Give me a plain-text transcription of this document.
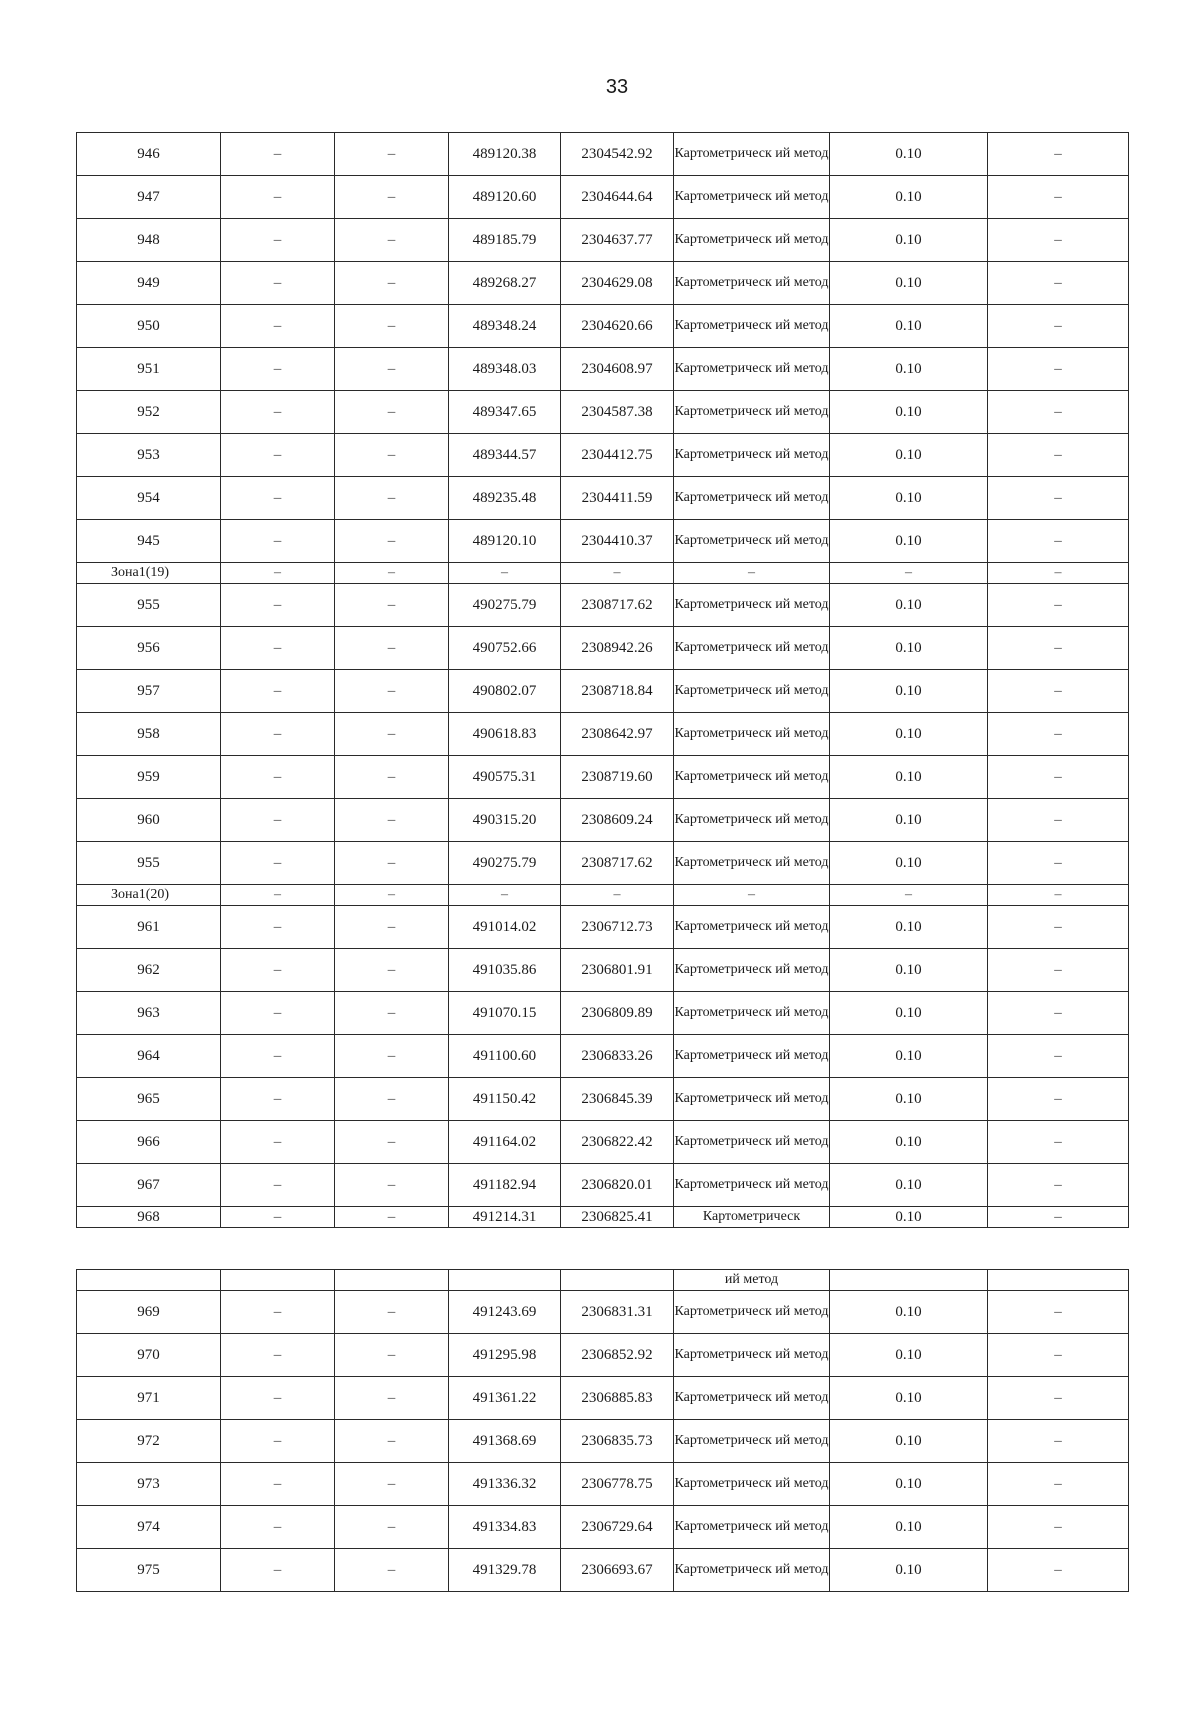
33
946	–	–	489120.38	2304542.92	Картометрическ ий метод	0.10	–
947	–	–	489120.60	2304644.64	Картометрическ ий метод	0.10	–
948	–	–	489185.79	2304637.77	Картометрическ ий метод	0.10	–
949	–	–	489268.27	2304629.08	Картометрическ ий метод	0.10	–
950	–	–	489348.24	2304620.66	Картометрическ ий метод	0.10	–
951	–	–	489348.03	2304608.97	Картометрическ ий метод	0.10	–
952	–	–	489347.65	2304587.38	Картометрическ ий метод	0.10	–
953	–	–	489344.57	2304412.75	Картометрическ ий метод	0.10	–
954	–	–	489235.48	2304411.59	Картометрическ ий метод	0.10	–
945	–	–	489120.10	2304410.37	Картометрическ ий метод	0.10	–
Зона1(19)	–	–	–	–	–	–	–
955	–	–	490275.79	2308717.62	Картометрическ ий метод	0.10	–
956	–	–	490752.66	2308942.26	Картометрическ ий метод	0.10	–
957	–	–	490802.07	2308718.84	Картометрическ ий метод	0.10	–
958	–	–	490618.83	2308642.97	Картометрическ ий метод	0.10	–
959	–	–	490575.31	2308719.60	Картометрическ ий метод	0.10	–
960	–	–	490315.20	2308609.24	Картометрическ ий метод	0.10	–
955	–	–	490275.79	2308717.62	Картометрическ ий метод	0.10	–
Зона1(20)	–	–	–	–	–	–	–
961	–	–	491014.02	2306712.73	Картометрическ ий метод	0.10	–
962	–	–	491035.86	2306801.91	Картометрическ ий метод	0.10	–
963	–	–	491070.15	2306809.89	Картометрическ ий метод	0.10	–
964	–	–	491100.60	2306833.26	Картометрическ ий метод	0.10	–
965	–	–	491150.42	2306845.39	Картометрическ ий метод	0.10	–
966	–	–	491164.02	2306822.42	Картометрическ ий метод	0.10	–
967	–	–	491182.94	2306820.01	Картометрическ ий метод	0.10	–
968	–	–	491214.31	2306825.41	Картометрическ	0.10	–
					ий метод		
969	–	–	491243.69	2306831.31	Картометрическ ий метод	0.10	–
970	–	–	491295.98	2306852.92	Картометрическ ий метод	0.10	–
971	–	–	491361.22	2306885.83	Картометрическ ий метод	0.10	–
972	–	–	491368.69	2306835.73	Картометрическ ий метод	0.10	–
973	–	–	491336.32	2306778.75	Картометрическ ий метод	0.10	–
974	–	–	491334.83	2306729.64	Картометрическ ий метод	0.10	–
975	–	–	491329.78	2306693.67	Картометрическ ий метод	0.10	–
